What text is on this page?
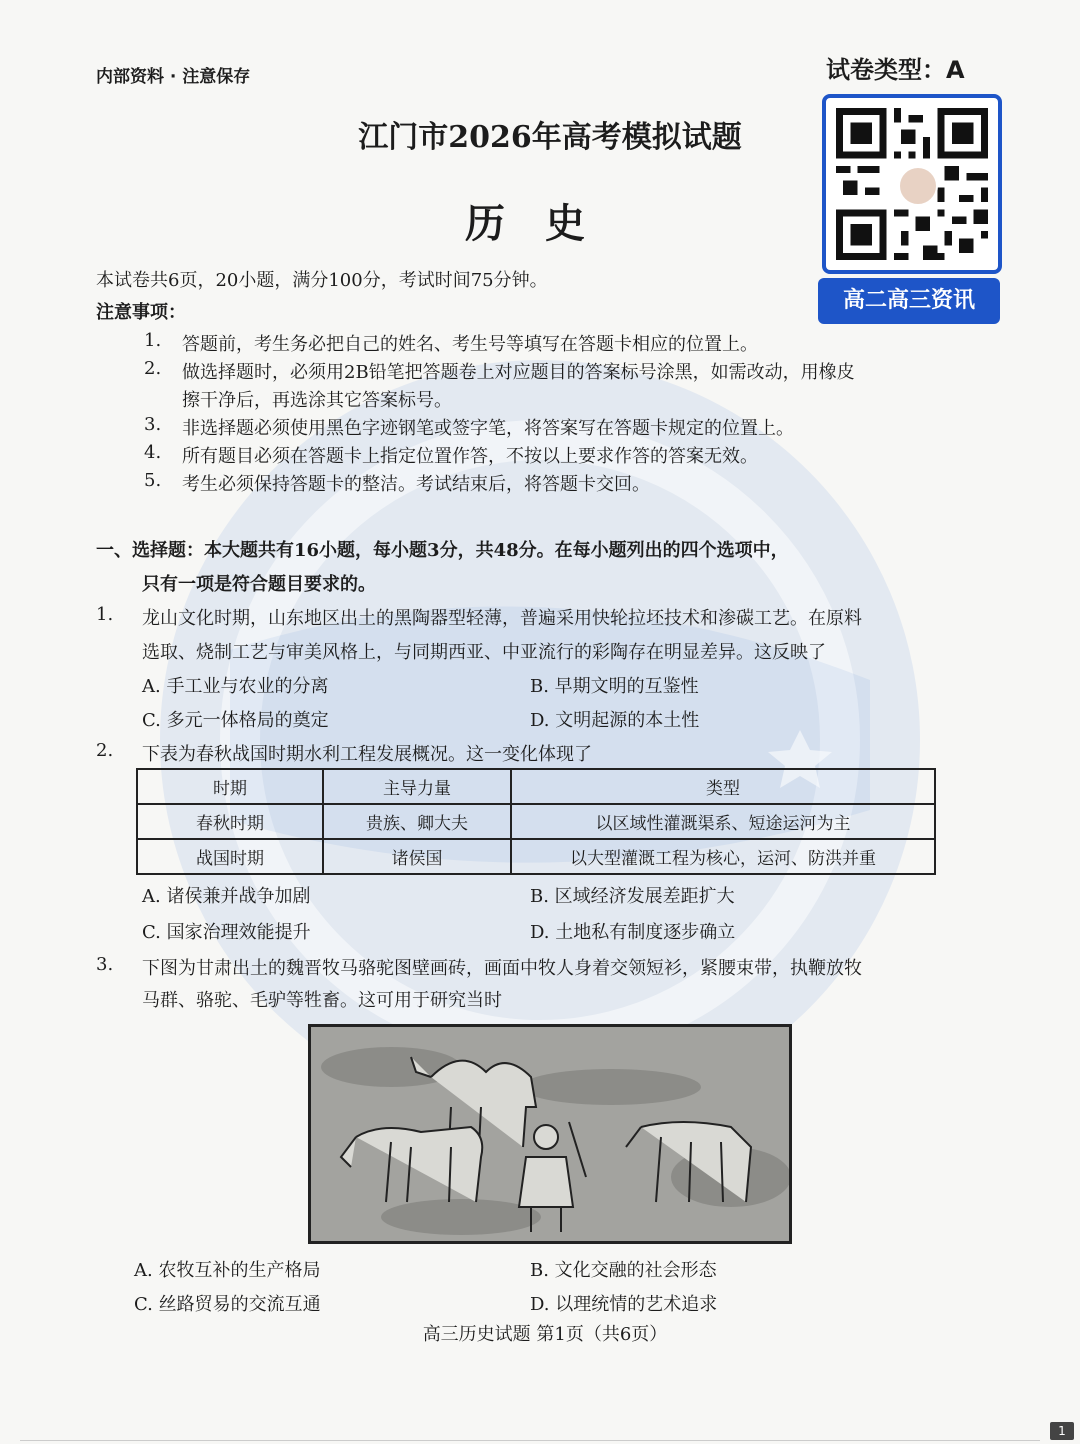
内部资料 · 注意保存	试卷类型：A
江门市2026年高考模拟试题
历史
高二高三资讯
本试卷共6页，20小题，满分100分，考试时间75分钟。
注意事项：
1. 答题前，考生务必把自己的姓名、考生号等填写在答题卡相应的位置上。
2. 做选择题时，必须用2B铅笔把答题卷上对应题目的答案标号涂黑，如需改动，用橡皮
擦干净后，再选涂其它答案标号。
3. 非选择题必须使用黑色字迹钢笔或签字笔，将答案写在答题卡规定的位置上。
4. 所有题目必须在答题卡上指定位置作答，不按以上要求作答的答案无效。
5. 考生必须保持答题卡的整洁。考试结束后，将答题卡交回。
一、选择题：本大题共有16小题，每小题3分，共48分。在每小题列出的四个选项中，
只有一项是符合题目要求的。
1. 龙山文化时期，山东地区出土的黑陶器型轻薄，普遍采用快轮拉坯技术和渗碳工艺。在原料
选取、烧制工艺与审美风格上，与同期西亚、中亚流行的彩陶存在明显差异。这反映了
A. 手工业与农业的分离	B. 早期文明的互鉴性
C. 多元一体格局的奠定	D. 文明起源的本土性
2. 下表为春秋战国时期水利工程发展概况。这一变化体现了
时期	主导力量	类型
春秋时期	贵族、卿大夫	以区域性灌溉渠系、短途运河为主
战国时期	诸侯国	以大型灌溉工程为核心，运河、防洪并重
A. 诸侯兼并战争加剧	B. 区域经济发展差距扩大
C. 国家治理效能提升	D. 土地私有制度逐步确立
3. 下图为甘肃出土的魏晋牧马骆驼图壁画砖，画面中牧人身着交领短衫，紧腰束带，执鞭放牧
马群、骆驼、毛驴等牲畜。这可用于研究当时
A. 农牧互补的生产格局	B. 文化交融的社会形态
C. 丝路贸易的交流互通	D. 以理统情的艺术追求
高三历史试题 第1页（共6页）
1
